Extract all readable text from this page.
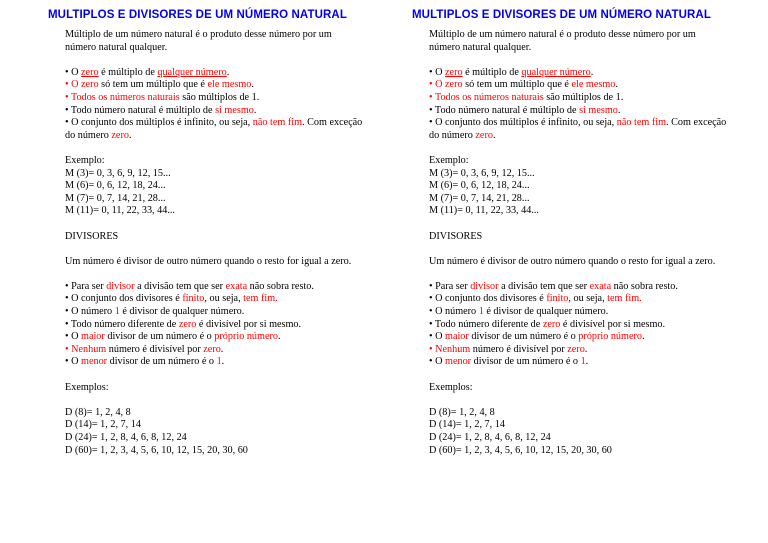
MULTIPLOS E DIVISORES DE UM NÚMERO NATURAL

Múltiplo de um número natural é o produto desse número por um número natural qualquer.

• O zero é múltiplo de qualquer número.
• O zero só tem um múltiplo que é ele mesmo.
• Todos os números naturais são múltiplos de 1.
• Todo número natural é múltiplo de si mesmo.
• O conjunto dos múltiplos é infinito, ou seja, não tem fim. Com exceção do número zero.

Exemplo:

M (3)= 0, 3, 6, 9, 12, 15...

M (6)= 0, 6, 12, 18, 24...

M (7)= 0, 7, 14, 21, 28...

M (11)= 0, 11, 22, 33, 44...

DIVISORES

Um número é divisor de outro número quando o resto for igual a zero.

• Para ser divisor a divisão tem que ser exata não sobra resto.
• O conjunto dos divisores é finito, ou seja, tem fim.
• O número 1 é divisor de qualquer número.
• Todo número diferente de zero é divisível por si mesmo.
• O maior divisor de um número é o próprio número.
• Nenhum número é divisível por zero.
• O menor divisor de um número é o 1.

Exemplos:

D (8)= 1, 2, 4, 8

D (14)= 1, 2, 7, 14

D (24)= 1, 2, 8, 4, 6, 8, 12, 24

D (60)= 1, 2, 3, 4, 5, 6, 10, 12, 15, 20, 30, 60

MULTIPLOS E DIVISORES DE UM NÚMERO NATURAL

Múltiplo de um número natural é o produto desse número por um número natural qualquer.

• O zero é múltiplo de qualquer número.
• O zero só tem um múltiplo que é ele mesmo.
• Todos os números naturais são múltiplos de 1.
• Todo número natural é múltiplo de si mesmo.
• O conjunto dos múltiplos é infinito, ou seja, não tem fim. Com exceção do número zero.

Exemplo:

M (3)= 0, 3, 6, 9, 12, 15...

M (6)= 0, 6, 12, 18, 24...

M (7)= 0, 7, 14, 21, 28...

M (11)= 0, 11, 22, 33, 44...

DIVISORES

Um número é divisor de outro número quando o resto for igual a zero.

• Para ser divisor a divisão tem que ser exata não sobra resto.
• O conjunto dos divisores é finito, ou seja, tem fim.
• O número 1 é divisor de qualquer número.
• Todo número diferente de zero é divisível por si mesmo.
• O maior divisor de um número é o próprio número.
• Nenhum número é divisível por zero.
• O menor divisor de um número é o 1.

Exemplos:

D (8)= 1, 2, 4, 8

D (14)= 1, 2, 7, 14

D (24)= 1, 2, 8, 4, 6, 8, 12, 24

D (60)= 1, 2, 3, 4, 5, 6, 10, 12, 15, 20, 30, 60
